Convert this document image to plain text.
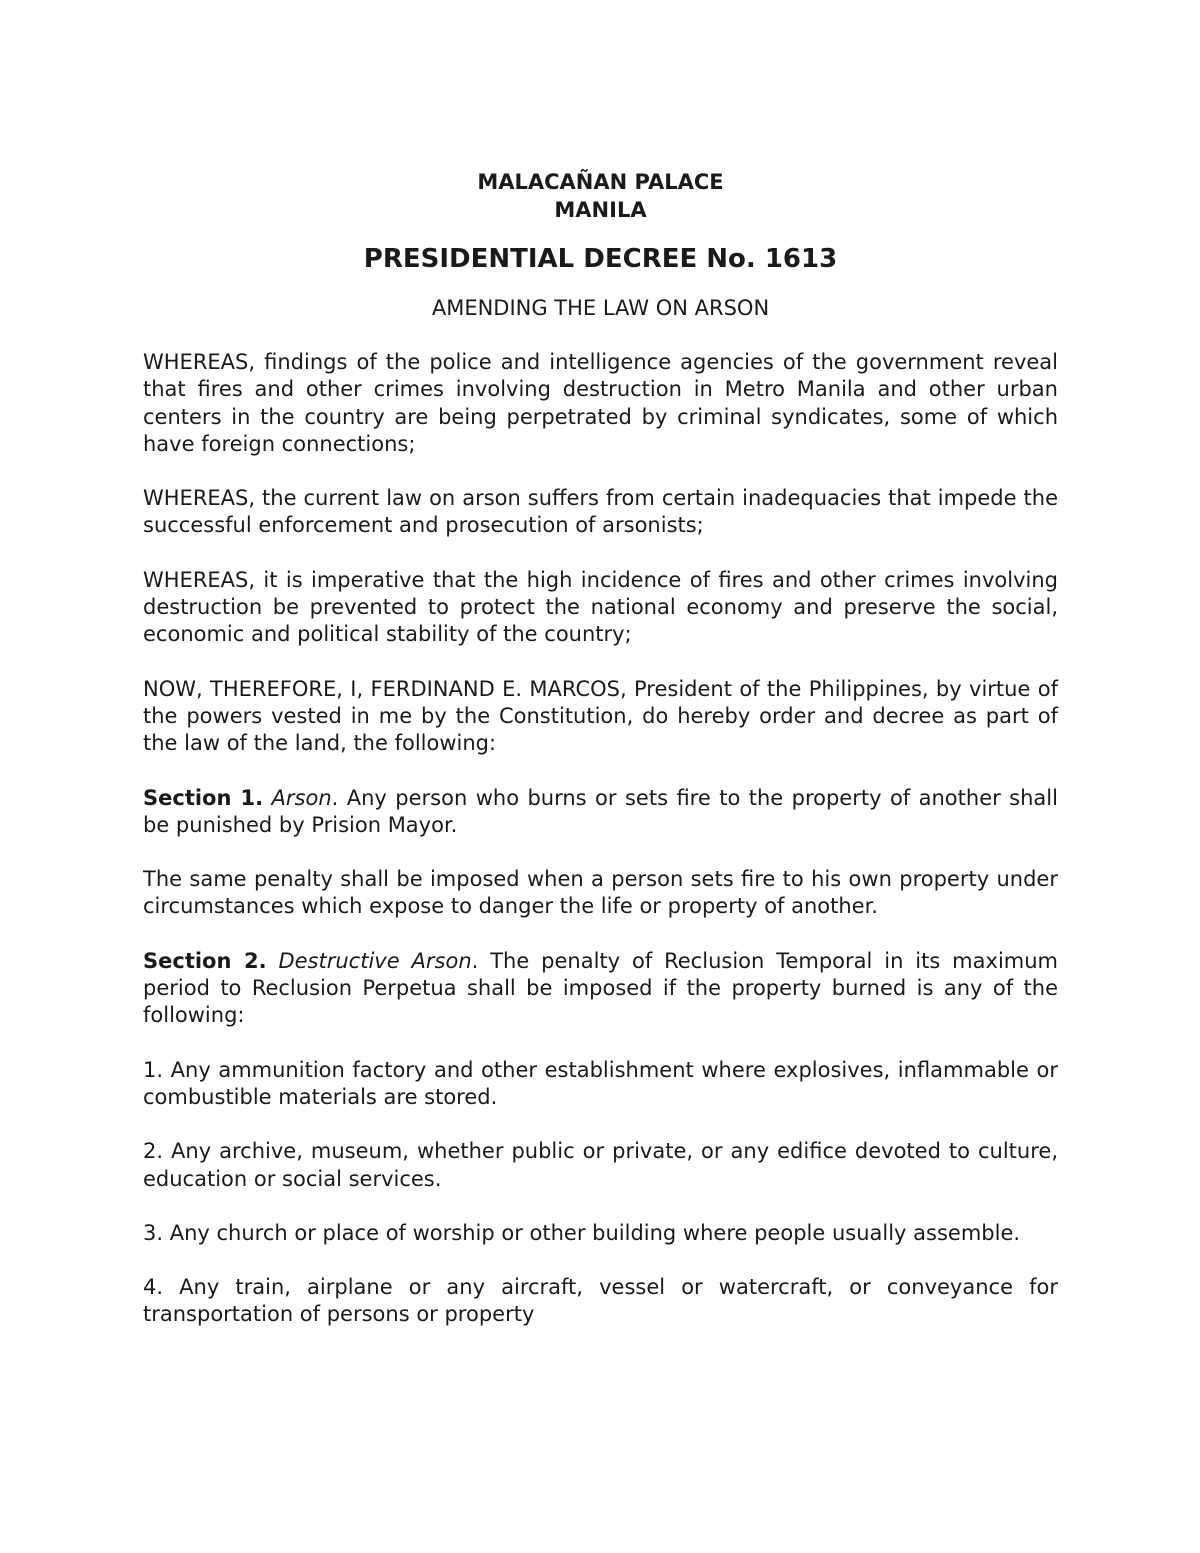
MALACAÑAN PALACE
MANILA
PRESIDENTIAL DECREE No. 1613
AMENDING THE LAW ON ARSON

WHEREAS, findings of the police and intelligence agencies of the government reveal that fires and other crimes involving destruction in Metro Manila and other urban centers in the country are being perpetrated by criminal syndicates, some of which have foreign connections;

WHEREAS, the current law on arson suffers from certain inadequacies that impede the successful enforcement and prosecution of arsonists;

WHEREAS, it is imperative that the high incidence of fires and other crimes involving destruction be prevented to protect the national economy and preserve the social, economic and political stability of the country;

NOW, THEREFORE, I, FERDINAND E. MARCOS, President of the Philippines, by virtue of the powers vested in me by the Constitution, do hereby order and decree as part of the law of the land, the following:

Section 1. Arson. Any person who burns or sets fire to the property of another shall be punished by Prision Mayor.

The same penalty shall be imposed when a person sets fire to his own property under circumstances which expose to danger the life or property of another.

Section 2. Destructive Arson. The penalty of Reclusion Temporal in its maximum period to Reclusion Perpetua shall be imposed if the property burned is any of the following:

1. Any ammunition factory and other establishment where explosives, inflammable or combustible materials are stored.

2. Any archive, museum, whether public or private, or any edifice devoted to culture, education or social services.

3. Any church or place of worship or other building where people usually assemble.

4. Any train, airplane or any aircraft, vessel or watercraft, or conveyance for transportation of persons or property
